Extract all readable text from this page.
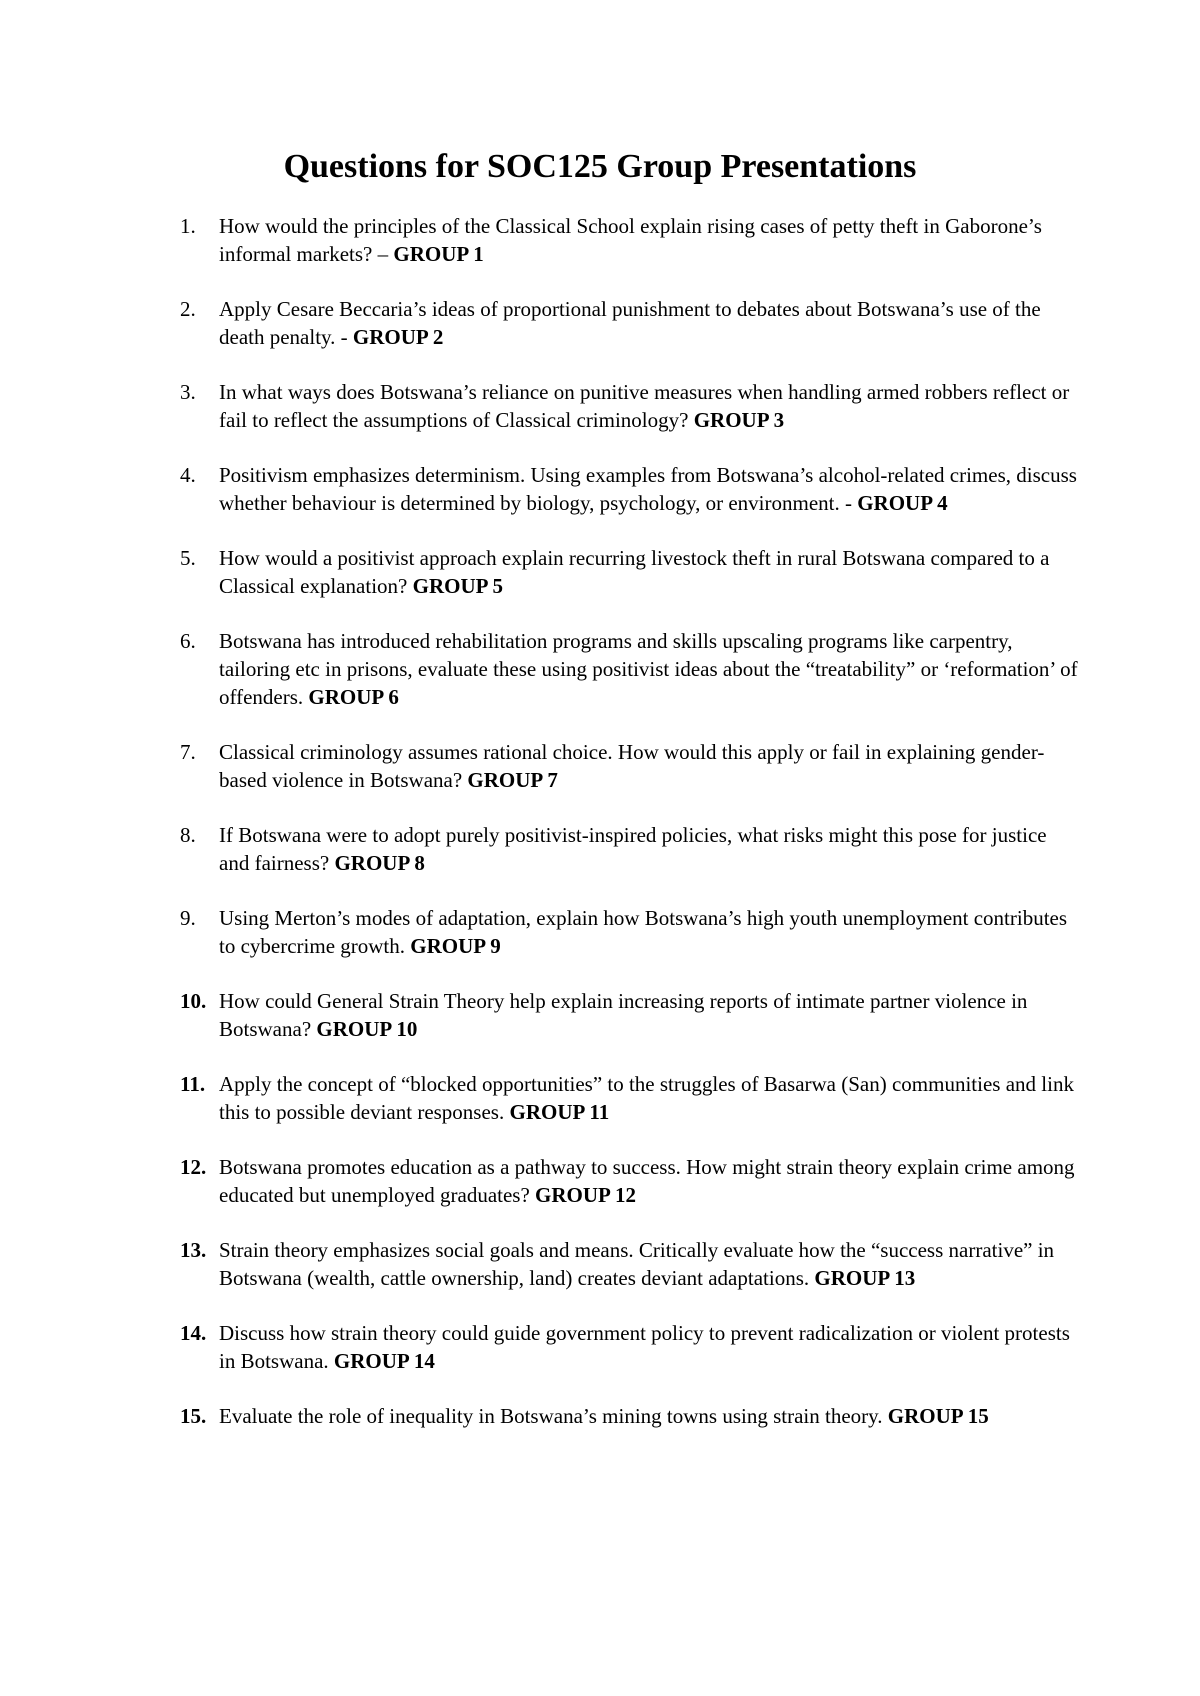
Questions for SOC125 Group Presentations
1.	How would the principles of the Classical School explain rising cases of petty theft in Gaborone’s informal markets? – GROUP 1
2.	Apply Cesare Beccaria’s ideas of proportional punishment to debates about Botswana’s use of the death penalty. - GROUP 2
3.	In what ways does Botswana’s reliance on punitive measures when handling armed robbers reflect or fail to reflect the assumptions of Classical criminology? GROUP 3
4.	Positivism emphasizes determinism. Using examples from Botswana’s alcohol-related crimes, discuss whether behaviour is determined by biology, psychology, or environment. - GROUP 4
5.	How would a positivist approach explain recurring livestock theft in rural Botswana compared to a Classical explanation? GROUP 5
6.	Botswana has introduced rehabilitation programs and skills upscaling programs like carpentry, tailoring etc in prisons, evaluate these using positivist ideas about the “treatability” or ‘reformation’ of offenders. GROUP 6
7.	Classical criminology assumes rational choice. How would this apply or fail in explaining gender-based violence in Botswana? GROUP 7
8.	If Botswana were to adopt purely positivist-inspired policies, what risks might this pose for justice and fairness? GROUP 8
9.	Using Merton’s modes of adaptation, explain how Botswana’s high youth unemployment contributes to cybercrime growth. GROUP 9
10. How could General Strain Theory help explain increasing reports of intimate partner violence in Botswana? GROUP 10
11. Apply the concept of “blocked opportunities” to the struggles of Basarwa (San) communities and link this to possible deviant responses. GROUP 11
12. Botswana promotes education as a pathway to success. How might strain theory explain crime among educated but unemployed graduates? GROUP 12
13. Strain theory emphasizes social goals and means. Critically evaluate how the “success narrative” in Botswana (wealth, cattle ownership, land) creates deviant adaptations. GROUP 13
14. Discuss how strain theory could guide government policy to prevent radicalization or violent protests in Botswana. GROUP 14
15. Evaluate the role of inequality in Botswana’s mining towns using strain theory. GROUP 15
